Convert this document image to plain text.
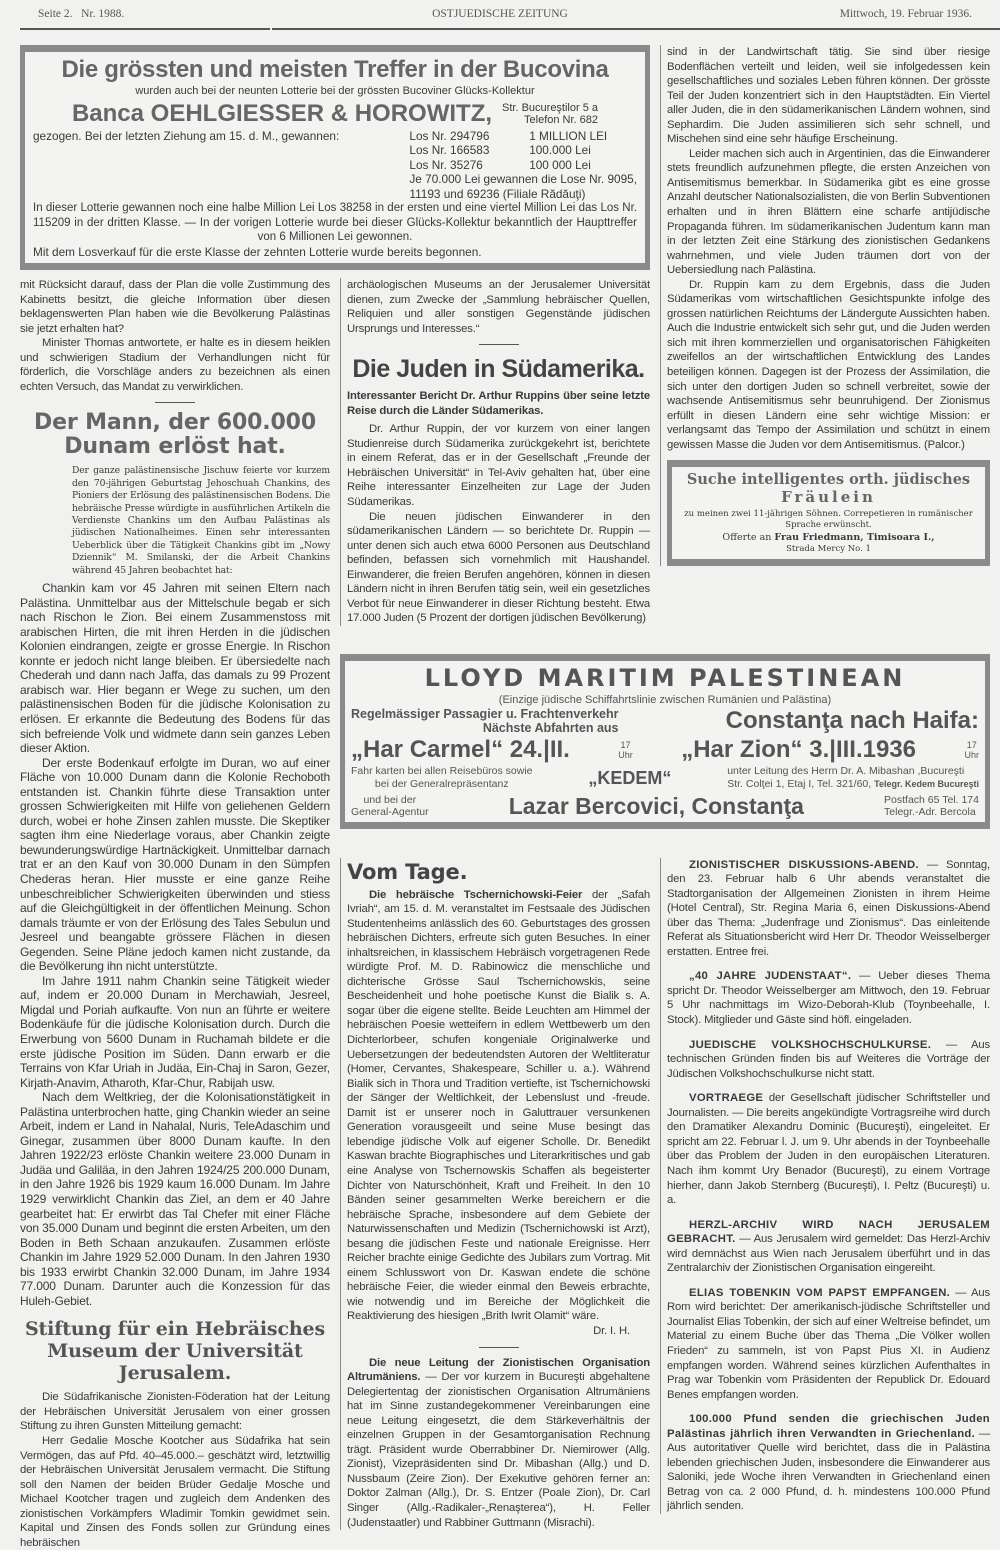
Seite 2. Nr. 1988.	OSTJUEDISCHE ZEITUNG	Mittwoch, 19. Februar 1936.
Die grössten und meisten Treffer in der Bucovina
wurden auch bei der neunten Lotterie bei der grössten Bucoviner Glücks-Kollektur
Banca OEHLGIESSER & HOROWITZ, Str. Bucureştilor 5 a
Telefon Nr. 682
gezogen. Bei der letzten Ziehung am 15. d. M., gewannen:	Los Nr. 294796	1 MILLION LEI
Los Nr. 166583	100.000 Lei
Los Nr. 35276	100 000 Lei
Je 70.000 Lei gewannen die Lose Nr. 9095,
11193 und 69236 (Filiale Rădăuţi)
In dieser Lotterie gewannen noch eine halbe Million Lei Los 38258 in der ersten und eine viertel Million Lei das Los Nr. 115209 in der dritten Klasse. — In der vorigen Lotterie wurde bei dieser Glücks-Kollektur bekanntlich der Haupttreffer von 6 Millionen Lei gewonnen.
Mit dem Losverkauf für die erste Klasse der zehnten Lotterie wurde bereits begonnen.

sind in der Landwirtschaft tätig. Sie sind über riesige Bodenflächen verteilt und leiden, weil sie infolgedessen kein gesellschaftliches und soziales Leben führen können. Der grösste Teil der Juden konzentriert sich in den Hauptstädten. Ein Viertel aller Juden, die in den südamerikanischen Ländern wohnen, sind Sephardim. Die Juden assimilieren sich sehr schnell, und Mischehen sind eine sehr häufige Erscheinung.

Leider machen sich auch in Argentinien, das die Einwanderer stets freundlich aufzunehmen pflegte, die ersten Anzeichen von Antisemitismus bemerkbar. In Südamerika gibt es eine grosse Anzahl deutscher Nationalsozialisten, die von Berlin Subventionen erhalten und in ihren Blättern eine scharfe antijüdische Propaganda führen. Im südamerikanischen Judentum kann man in der letzten Zeit eine Stärkung des zionistischen Gedankens wahrnehmen, und viele Juden träumen dort von der Uebersiedlung nach Palästina.

Dr. Ruppin kam zu dem Ergebnis, dass die Juden Südamerikas vom wirtschaftlichen Gesichtspunkte infolge des grossen natürlichen Reichtums der Ländergute Aussichten haben. Auch die Industrie entwickelt sich sehr gut, und die Juden werden sich mit ihren kommerziellen und organisatorischen Fähigkeiten zweifellos an der wirtschaftlichen Entwicklung des Landes beteiligen können. Dagegen ist der Prozess der Assimilation, die sich unter den dortigen Juden so schnell verbreitet, sowie der wachsende Antisemitismus sehr beunruhigend. Der Zionismus erfüllt in diesen Ländern eine sehr wichtige Mission: er verlangsamt das Tempo der Assimilation und schützt in einem gewissen Masse die Juden vor dem Antisemitismus. (Palcor.)

Suche intelligentes orth. jüdisches
Fräulein
zu meinen zwei 11-jährigen Söhnen. Correpetieren in rumänischer Sprache erwünscht.
Offerte an Frau Friedmann, Timisoara I.,
Strada Mercy No. 1

mit Rücksicht darauf, dass der Plan die volle Zustimmung des Kabinetts besitzt, die gleiche Information über diesen beklagenswerten Plan haben wie die Bevölkerung Palästinas sie jetzt erhalten hat?

Minister Thomas antwortete, er halte es in diesem heiklen und schwierigen Stadium der Verhandlungen nicht für förderlich, die Vorschläge anders zu bezeichnen als einen echten Versuch, das Mandat zu verwirklichen.

Der Mann, der 600.000 Dunam erlöst hat.
Der ganze palästinensische Jischuw feierte vor kurzem den 70-jährigen Geburtstag Jehoschuah Chankins, des Pioniers der Erlösung des palästinensischen Bodens. Die hebräische Presse würdigte in ausführlichen Artikeln die Verdienste Chankins um den Aufbau Palästinas als jüdischen Nationalheimes. Einen sehr interessanten Ueberblick über die Tätigkeit Chankins gibt im „Nowy Dziennik“ M. Smilanski, der die Arbeit Chankins während 45 Jahren beobachtet hat:

Chankin kam vor 45 Jahren mit seinen Eltern nach Palästina. Unmittelbar aus der Mittelschule begab er sich nach Rischon le Zion. Bei einem Zusammenstoss mit arabischen Hirten, die mit ihren Herden in die jüdischen Kolonien eindrangen, zeigte er grosse Energie. In Rischon konnte er jedoch nicht lange bleiben. Er übersiedelte nach Chederah und dann nach Jaffa, das damals zu 99 Prozent arabisch war. Hier begann er Wege zu suchen, um den palästinensischen Boden für die jüdische Kolonisation zu erlösen. Er erkannte die Bedeutung des Bodens für das sich befreiende Volk und widmete dann sein ganzes Leben dieser Aktion.

Der erste Bodenkauf erfolgte im Duran, wo auf einer Fläche von 10.000 Dunam dann die Kolonie Rechoboth entstanden ist. Chankin führte diese Transaktion unter grossen Schwierigkeiten mit Hilfe von geliehenen Geldern durch, wobei er hohe Zinsen zahlen musste. Die Skeptiker sagten ihm eine Niederlage voraus, aber Chankin zeigte bewunderungswürdige Hartnäckigkeit. Unmittelbar darnach trat er an den Kauf von 30.000 Dunam in den Sümpfen Chederas heran. Hier musste er eine ganze Reihe unbeschreiblicher Schwierigkeiten überwinden und stiess auf die Gleichgültigkeit in der öffentlichen Meinung. Schon damals träumte er von der Erlösung des Tales Sebulun und Jesreel und beangabte grössere Flächen in diesen Gegenden. Seine Pläne jedoch kamen nicht zustande, da die Bevölkerung ihn nicht unterstützte.

Im Jahre 1911 nahm Chankin seine Tätigkeit wieder auf, indem er 20.000 Dunam in Merchawiah, Jesreel, Migdal und Poriah aufkaufte. Von nun an führte er weitere Bodenkäufe für die jüdische Kolonisation durch. Durch die Erwerbung von 5600 Dunam in Ruchamah bildete er die erste jüdische Position im Süden. Dann erwarb er die Terrains von Kfar Uriah in Judäa, Ein-Chaj in Saron, Gezer, Kirjath-Anavim, Atharoth, Kfar-Chur, Rabijah usw.

Nach dem Weltkrieg, der die Kolonisationstätigkeit in Palästina unterbrochen hatte, ging Chankin wieder an seine Arbeit, indem er Land in Nahalal, Nuris, TeleAdaschim und Ginegar, zusammen über 8000 Dunam kaufte. In den Jahren 1922/23 erlöste Chankin weitere 23.000 Dunam in Judäa und Galiläa, in den Jahren 1924/25 200.000 Dunam, in den Jahre 1926 bis 1929 kaum 16.000 Dunam. Im Jahre 1929 verwirklicht Chankin das Ziel, an dem er 40 Jahre gearbeitet hat: Er erwirbt das Tal Chefer mit einer Fläche von 35.000 Dunam und beginnt die ersten Arbeiten, um den Boden in Beth Schaan anzukaufen. Zusammen erlöste Chankin im Jahre 1929 52.000 Dunam. In den Jahren 1930 bis 1933 erwirbt Chankin 32.000 Dunam, im Jahre 1934 77.000 Dunam. Darunter auch die Konzession für das Huleh-Gebiet.

Stiftung für ein Hebräisches Museum der Universität Jerusalem.

Die Südafrikanische Zionisten-Föderation hat der Leitung der Hebräischen Universität Jerusalem von einer grossen Stiftung zu ihren Gunsten Mitteilung gemacht:

Herr Gedalie Mosche Kootcher aus Südafrika hat sein Vermögen, das auf Pfd. 40–45.000.– geschätzt wird, letztwillig der Hebräischen Universität Jerusalem vermacht. Die Stiftung soll den Namen der beiden Brüder Gedalje Mosche und Michael Kootcher tragen und zugleich dem Andenken des zionistischen Vorkämpfers Wladimir Tomkin gewidmet sein. Kapital und Zinsen des Fonds sollen zur Gründung eines hebräischen

archäologischen Museums an der Jerusalemer Universität dienen, zum Zwecke der „Sammlung hebräischer Quellen, Reliquien und aller sonstigen Gegenstände jüdischen Ursprungs und Interesses.“

Die Juden in Südamerika.
Interessanter Bericht Dr. Arthur Ruppins über seine letzte Reise durch die Länder Südamerikas.

Dr. Arthur Ruppin, der vor kurzem von einer langen Studienreise durch Südamerika zurückgekehrt ist, berichtete in einem Referat, das er in der Gesellschaft „Freunde der Hebräischen Universität“ in Tel-Aviv gehalten hat, über eine Reihe interessanter Einzelheiten zur Lage der Juden Südamerikas.

Die neuen jüdischen Einwanderer in den südamerikanischen Ländern — so berichtete Dr. Ruppin — unter denen sich auch etwa 6000 Personen aus Deutschland befinden, befassen sich vornehmlich mit Haushandel. Einwanderer, die freien Berufen angehören, können in diesen Ländern nicht in ihren Berufen tätig sein, weil ein gesetzliches Verbot für neue Einwanderer in dieser Richtung besteht. Etwa 17.000 Juden (5 Prozent der dortigen jüdischen Bevölkerung)

LLOYD MARITIM PALESTINEAN
(Einzige jüdische Schiffahrtslinie zwischen Rumänien und Palästina)
Regelmässiger Passagier u. Frachtenverkehr
Nächste Abfahrten aus	Constanţa nach Haifa:
„Har Carmel“ 24.|II.	17
Uhr „Har Zion“ 3.|III.1936	17
Uhr
Fahr karten bei allen Reisebüros sowie
bei der Generalrepräsentanz	„KEDEM“	unter Leitung des Herrn Dr. A. Mibashan ,Bucureşti
Str. Colţei 1, Etaj I, Tel. 321/60, Telegr. Kedem Bucureşti
und bei der
General-Agentur	Lazar Bercovici, Constanţa	Postfach 65 Tel. 174
Telegr.-Adr. Bercola
Vom Tage.

Die hebräische Tschernichowski-Feier der „Safah Ivriah“, am 15. d. M. veranstaltet im Festsaale des Jüdischen Studentenheims anlässlich des 60. Geburtstages des grossen hebräischen Dichters, erfreute sich guten Besuches. In einer inhaltsreichen, in klassischem Hebräisch vorgetragenen Rede würdigte Prof. M. D. Rabinowicz die menschliche und dichterische Grösse Saul Tschernichowskis, seine Bescheidenheit und hohe poetische Kunst die Bialik s. A. sogar über die eigene stellte. Beide Leuchten am Himmel der hebräischen Poesie wetteifern in edlem Wettbewerb um den Dichterlorbeer, schufen kongeniale Originalwerke und Uebersetzungen der bedeutendsten Autoren der Weltliteratur (Homer, Cervantes, Shakespeare, Schiller u. a.). Während Bialik sich in Thora und Tradition vertiefte, ist Tschernichowski der Sänger der Weltlichkeit, der Lebenslust und -freude. Damit ist er unserer noch in Galuttrauer versunkenen Generation vorausgeeilt und seine Muse besingt das lebendige jüdische Volk auf eigener Scholle. Dr. Benedikt Kaswan brachte Biographisches und Literarkritisches und gab eine Analyse von Tschernowskis Schaffen als begeisterter Dichter von Naturschönheit, Kraft und Freiheit. In den 10 Bänden seiner gesammelten Werke bereichern er die hebräische Sprache, insbesondere auf dem Gebiete der Naturwissenschaften und Medizin (Tschernichowski ist Arzt), besang die jüdischen Feste und nationale Ereignisse. Herr Reicher brachte einige Gedichte des Jubilars zum Vortrag. Mit einem Schlusswort von Dr. Kaswan endete die schöne hebräische Feier, die wieder einmal den Beweis erbrachte, wie notwendig und im Bereiche der Möglichkeit die Reaktivierung des hiesigen „Brith Iwrit Olamit“ wäre.

Dr. I. H.

Die neue Leitung der Zionistischen Organisation Altrumäniens. — Der vor kurzem in Bucureşti abgehaltene Delegiertentag der zionistischen Organisation Altrumäniens hat im Sinne zustandegekommener Vereinbarungen eine neue Leitung eingesetzt, die dem Stärkeverhältnis der einzelnen Gruppen in der Gesamtorganisation Rechnung trägt. Präsident wurde Oberrabbiner Dr. Niemirower (Allg. Zionist), Vizepräsidenten sind Dr. Mibashan (Allg.) und D. Nussbaum (Zeire Zion). Der Exekutive gehören ferner an: Doktor Zalman (Allg.), Dr. S. Entzer (Poale Zion), Dr. Carl Singer (Allg.-Radikaler-„Renaşterea“), H. Feller (Judenstaatler) und Rabbiner Guttmann (Misrachi).

ZIONISTISCHER DISKUSSIONS-ABEND. — Sonntag, den 23. Februar halb 6 Uhr abends veranstaltet die Stadtorganisation der Allgemeinen Zionisten in ihrem Heime (Hotel Central), Str. Regina Maria 6, einen Diskussions-Abend über das Thema: „Judenfrage und Zionismus“. Das einleitende Referat als Situationsbericht wird Herr Dr. Theodor Weisselberger erstatten. Entree frei.

„40 JAHRE JUDENSTAAT“. — Ueber dieses Thema spricht Dr. Theodor Weisselberger am Mittwoch, den 19. Februar 5 Uhr nachmittags im Wizo-Deborah-Klub (Toynbeehalle, I. Stock). Mitglieder und Gäste sind höfl. eingeladen.

JUEDISCHE VOLKSHOCHSCHULKURSE. — Aus technischen Gründen finden bis auf Weiteres die Vorträge der Jüdischen Volkshochschulkurse nicht statt.

VORTRAEGE der Gesellschaft jüdischer Schriftsteller und Journalisten. — Die bereits angekündigte Vortragsreihe wird durch den Dramatiker Alexandru Dominic (Bucureşti), eingeleitet. Er spricht am 22. Februar l. J. um 9. Uhr abends in der Toynbeehalle über das Problem der Juden in den europäischen Literaturen. Nach ihm kommt Ury Benador (Bucureşti), zu einem Vortrage hierher, dann Jakob Sternberg (Bucureşti), I. Peltz (Bucureşti) u. a.

HERZL-ARCHIV WIRD NACH JERUSALEM GEBRACHT. — Aus Jerusalem wird gemeldet: Das Herzl-Archiv wird demnächst aus Wien nach Jerusalem überführt und in das Zentralarchiv der Zionistischen Organisation eingereiht.

ELIAS TOBENKIN VOM PAPST EMPFANGEN. — Aus Rom wird berichtet: Der amerikanisch-jüdische Schriftsteller und Journalist Elias Tobenkin, der sich auf einer Weltreise befindet, um Material zu einem Buche über das Thema „Die Völker wollen Frieden“ zu sammeln, ist von Papst Pius XI. in Audienz empfangen worden. Während seines kürzlichen Aufenthaltes in Prag war Tobenkin vom Präsidenten der Republick Dr. Edouard Benes empfangen worden.

100.000 Pfund senden die griechischen Juden Palästinas jährlich ihren Verwandten in Griechenland. — Aus autoritativer Quelle wird berichtet, dass die in Palästina lebenden griechischen Juden, insbesondere die Einwanderer aus Saloniki, jede Woche ihren Verwandten in Griechenland einen Betrag von ca. 2 000 Pfund, d. h. mindestens 100.000 Pfund jährlich senden.
